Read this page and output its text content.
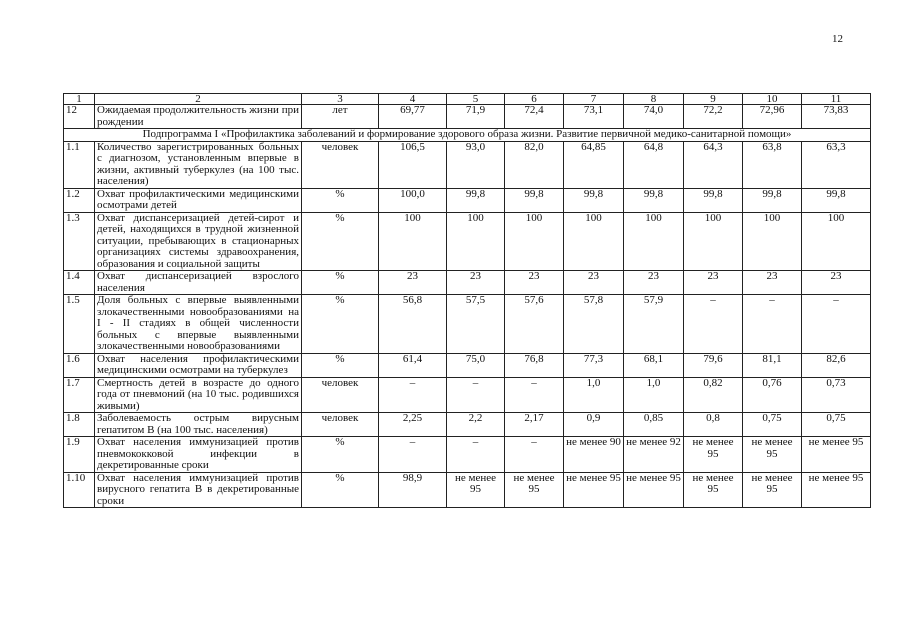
12
1	2	3	4	5	6	7	8	9	10	11
12	Ожидаемая продолжительность жизни при рождении	лет	69,77	71,9	72,4	73,1	74,0	72,2	72,96	73,83
Подпрограмма I «Профилактика заболеваний и формирование здорового образа жизни. Развитие первичной медико-санитарной помощи»										
1.1	Количество зарегистрированных больных с диагнозом, установленным впервые в жизни, активный туберкулез (на 100 тыс. населения)	человек	106,5	93,0	82,0	64,85	64,8	64,3	63,8	63,3
1.2	Охват профилактическими медицинскими осмотрами детей	%	100,0	99,8	99,8	99,8	99,8	99,8	99,8	99,8
1.3	Охват диспансеризацией детей-сирот и детей, находящихся в трудной жизненной ситуации, пребывающих в стационарных организациях системы здравоохранения, образования и социальной защиты	%	100	100	100	100	100	100	100	100
1.4	Охват диспансеризацией взрослого населения	%	23	23	23	23	23	23	23	23
1.5	Доля больных с впервые выявленными злокачественными новообразованиями на I - II стадиях в общей численности больных с впервые выявленными злокачественными новообразованиями	%	56,8	57,5	57,6	57,8	57,9	–	–	–
1.6	Охват населения профилактическими медицинскими осмотрами на туберкулез	%	61,4	75,0	76,8	77,3	68,1	79,6	81,1	82,6
1.7	Смертность детей в возрасте до одного года от пневмоний (на 10 тыс. родившихся живыми)	человек	–	–	–	1,0	1,0	0,82	0,76	0,73
1.8	Заболеваемость острым вирусным гепатитом В (на 100 тыс. населения)	человек	2,25	2,2	2,17	0,9	0,85	0,8	0,75	0,75
1.9	Охват населения иммунизацией против пневмококковой инфекции в декретированные сроки	%	–	–	–	не менее 90	не менее 92	не менее 95	не менее 95	не менее 95
1.10	Охват населения иммунизацией против вирусного гепатита В в декретированные сроки	%	98,9	не менее 95	не менее 95	не менее 95	не менее 95	не менее 95	не менее 95	не менее 95
